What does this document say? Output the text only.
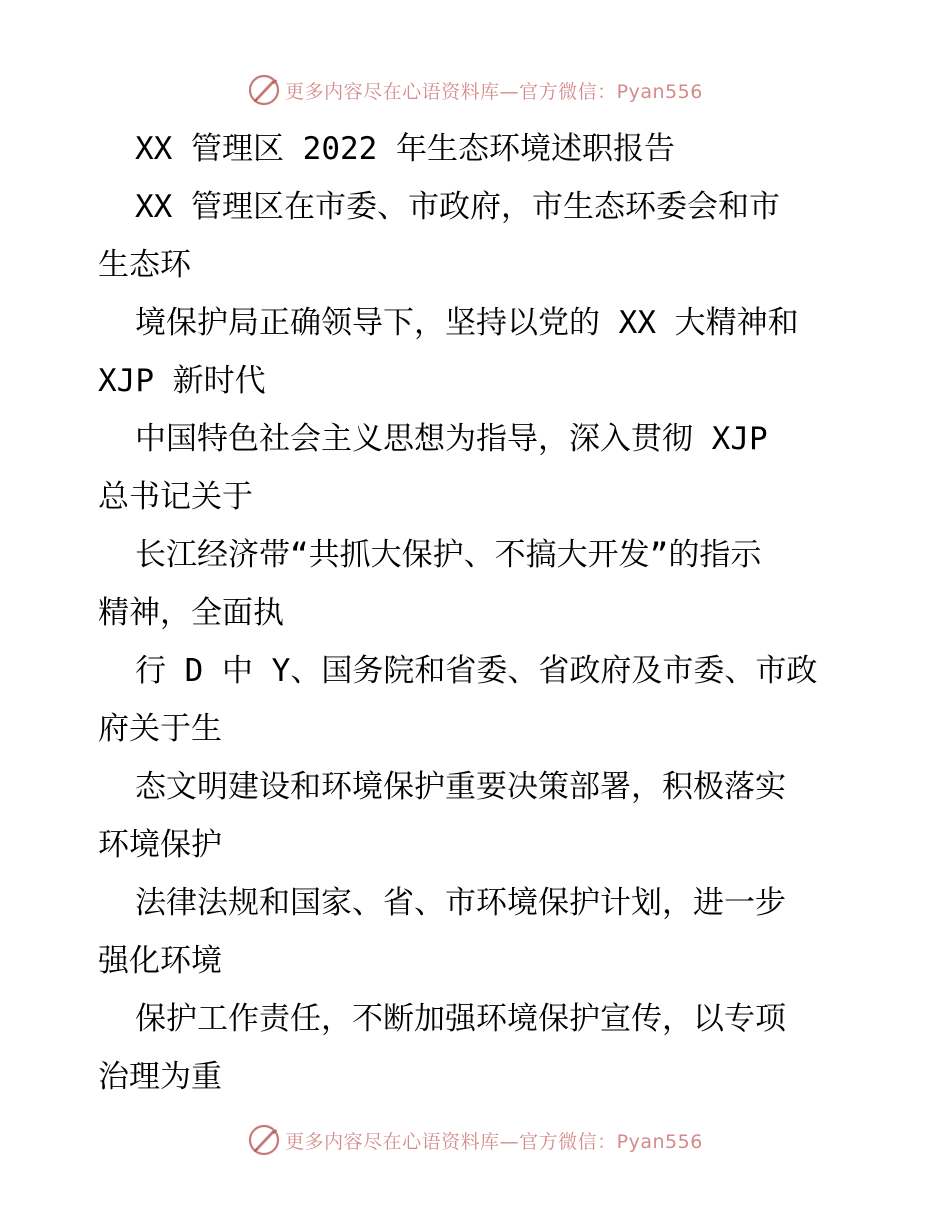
更多内容尽在心语资料库—官方微信：Pyan556
XX 管理区 2022 年生态环境述职报告
XX 管理区在市委、市政府，市生态环委会和市
生态环
境保护局正确领导下，坚持以党的 XX 大精神和
XJP 新时代
中国特色社会主义思想为指导，深入贯彻 XJP
总书记关于
长江经济带“共抓大保护、不搞大开发”的指示
精神，全面执
行 D 中 Y、国务院和省委、省政府及市委、市政
府关于生
态文明建设和环境保护重要决策部署，积极落实
环境保护
法律法规和国家、省、市环境保护计划，进一步
强化环境
保护工作责任，不断加强环境保护宣传，以专项
治理为重
更多内容尽在心语资料库—官方微信：Pyan556
